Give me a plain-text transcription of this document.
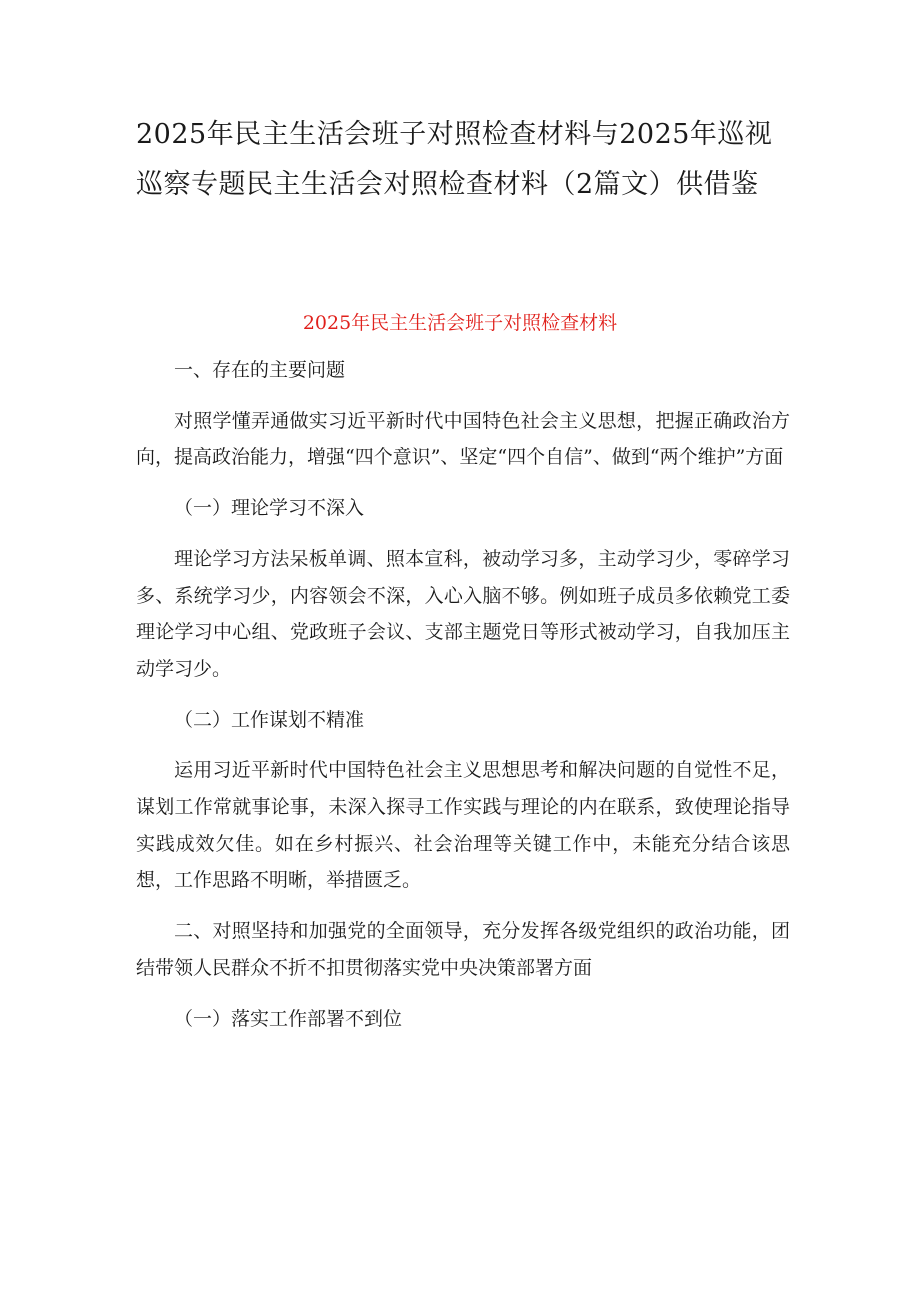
2025年民主生活会班子对照检查材料与2025年巡视巡察专题民主生活会对照检查材料（2篇文）供借鉴
2025年民主生活会班子对照检查材料

一、存在的主要问题

对照学懂弄通做实习近平新时代中国特色社会主义思想，把握正确政治方向，提高政治能力，增强“四个意识”、坚定“四个自信”、做到“两个维护”方面

（一）理论学习不深入

理论学习方法呆板单调、照本宣科，被动学习多，主动学习少，零碎学习多、系统学习少，内容领会不深，入心入脑不够。例如班子成员多依赖党工委理论学习中心组、党政班子会议、支部主题党日等形式被动学习，自我加压主动学习少。

（二）工作谋划不精准

运用习近平新时代中国特色社会主义思想思考和解决问题的自觉性不足，谋划工作常就事论事，未深入探寻工作实践与理论的内在联系，致使理论指导实践成效欠佳。如在乡村振兴、社会治理等关键工作中，未能充分结合该思想，工作思路不明晰，举措匮乏。

二、对照坚持和加强党的全面领导，充分发挥各级党组织的政治功能，团结带领人民群众不折不扣贯彻落实党中央决策部署方面

（一）落实工作部署不到位
